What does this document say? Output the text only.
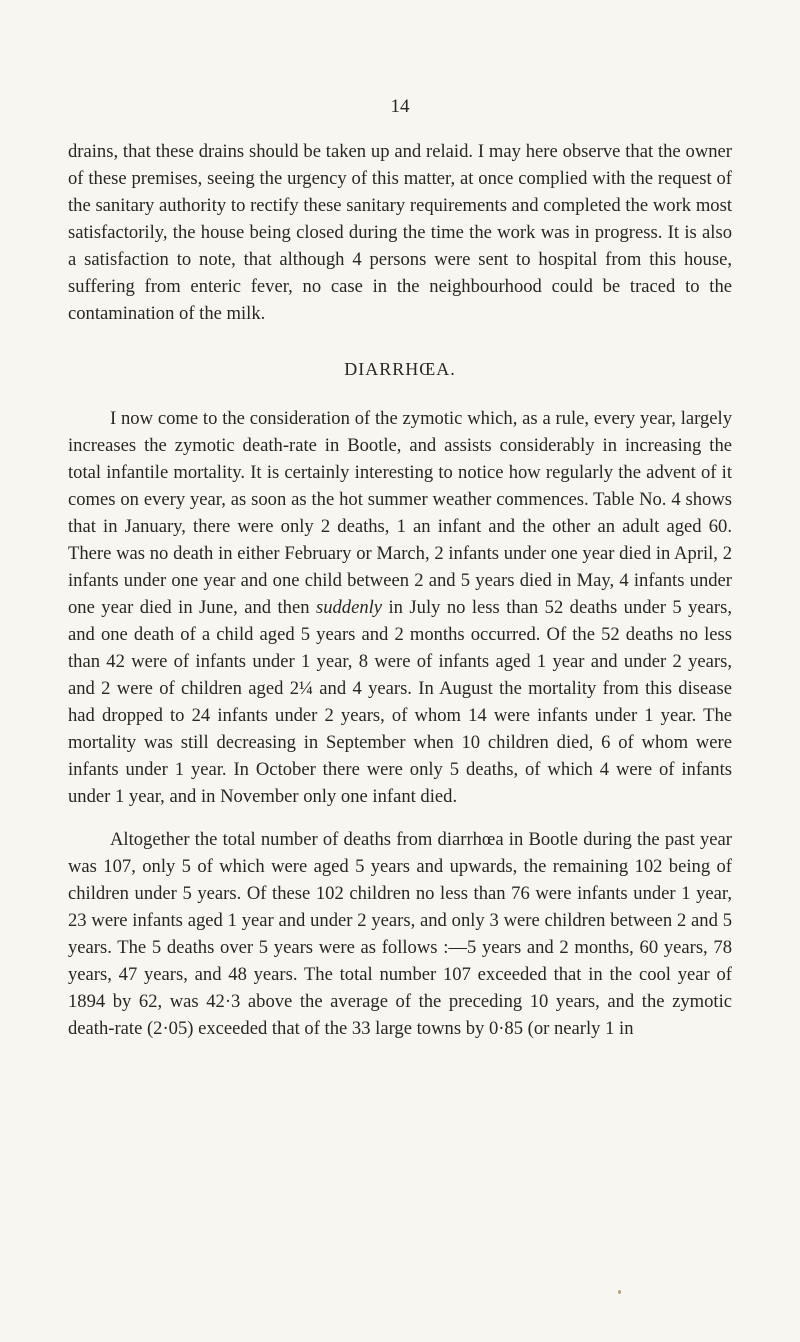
14

drains, that these drains should be taken up and relaid. I may here observe that the owner of these premises, seeing the urgency of this matter, at once complied with the request of the sanitary authority to rectify these sanitary requirements and completed the work most satisfactorily, the house being closed during the time the work was in progress. It is also a satisfaction to note, that although 4 persons were sent to hospital from this house, suffering from enteric fever, no case in the neighbourhood could be traced to the contamination of the milk.

DIARRHŒA.

I now come to the consideration of the zymotic which, as a rule, every year, largely increases the zymotic death-rate in Bootle, and assists considerably in increasing the total infantile mortality. It is certainly interesting to notice how regularly the advent of it comes on every year, as soon as the hot summer weather commences. Table No. 4 shows that in January, there were only 2 deaths, 1 an infant and the other an adult aged 60. There was no death in either February or March, 2 infants under one year died in April, 2 infants under one year and one child between 2 and 5 years died in May, 4 infants under one year died in June, and then suddenly in July no less than 52 deaths under 5 years, and one death of a child aged 5 years and 2 months occurred. Of the 52 deaths no less than 42 were of infants under 1 year, 8 were of infants aged 1 year and under 2 years, and 2 were of children aged 2¼ and 4 years. In August the mortality from this disease had dropped to 24 infants under 2 years, of whom 14 were infants under 1 year. The mortality was still decreasing in September when 10 children died, 6 of whom were infants under 1 year. In October there were only 5 deaths, of which 4 were of infants under 1 year, and in November only one infant died.

Altogether the total number of deaths from diarrhœa in Bootle during the past year was 107, only 5 of which were aged 5 years and upwards, the remaining 102 being of children under 5 years. Of these 102 children no less than 76 were infants under 1 year, 23 were infants aged 1 year and under 2 years, and only 3 were children between 2 and 5 years. The 5 deaths over 5 years were as follows :—5 years and 2 months, 60 years, 78 years, 47 years, and 48 years. The total number 107 exceeded that in the cool year of 1894 by 62, was 42·3 above the average of the preceding 10 years, and the zymotic death-rate (2·05) exceeded that of the 33 large towns by 0·85 (or nearly 1 in
